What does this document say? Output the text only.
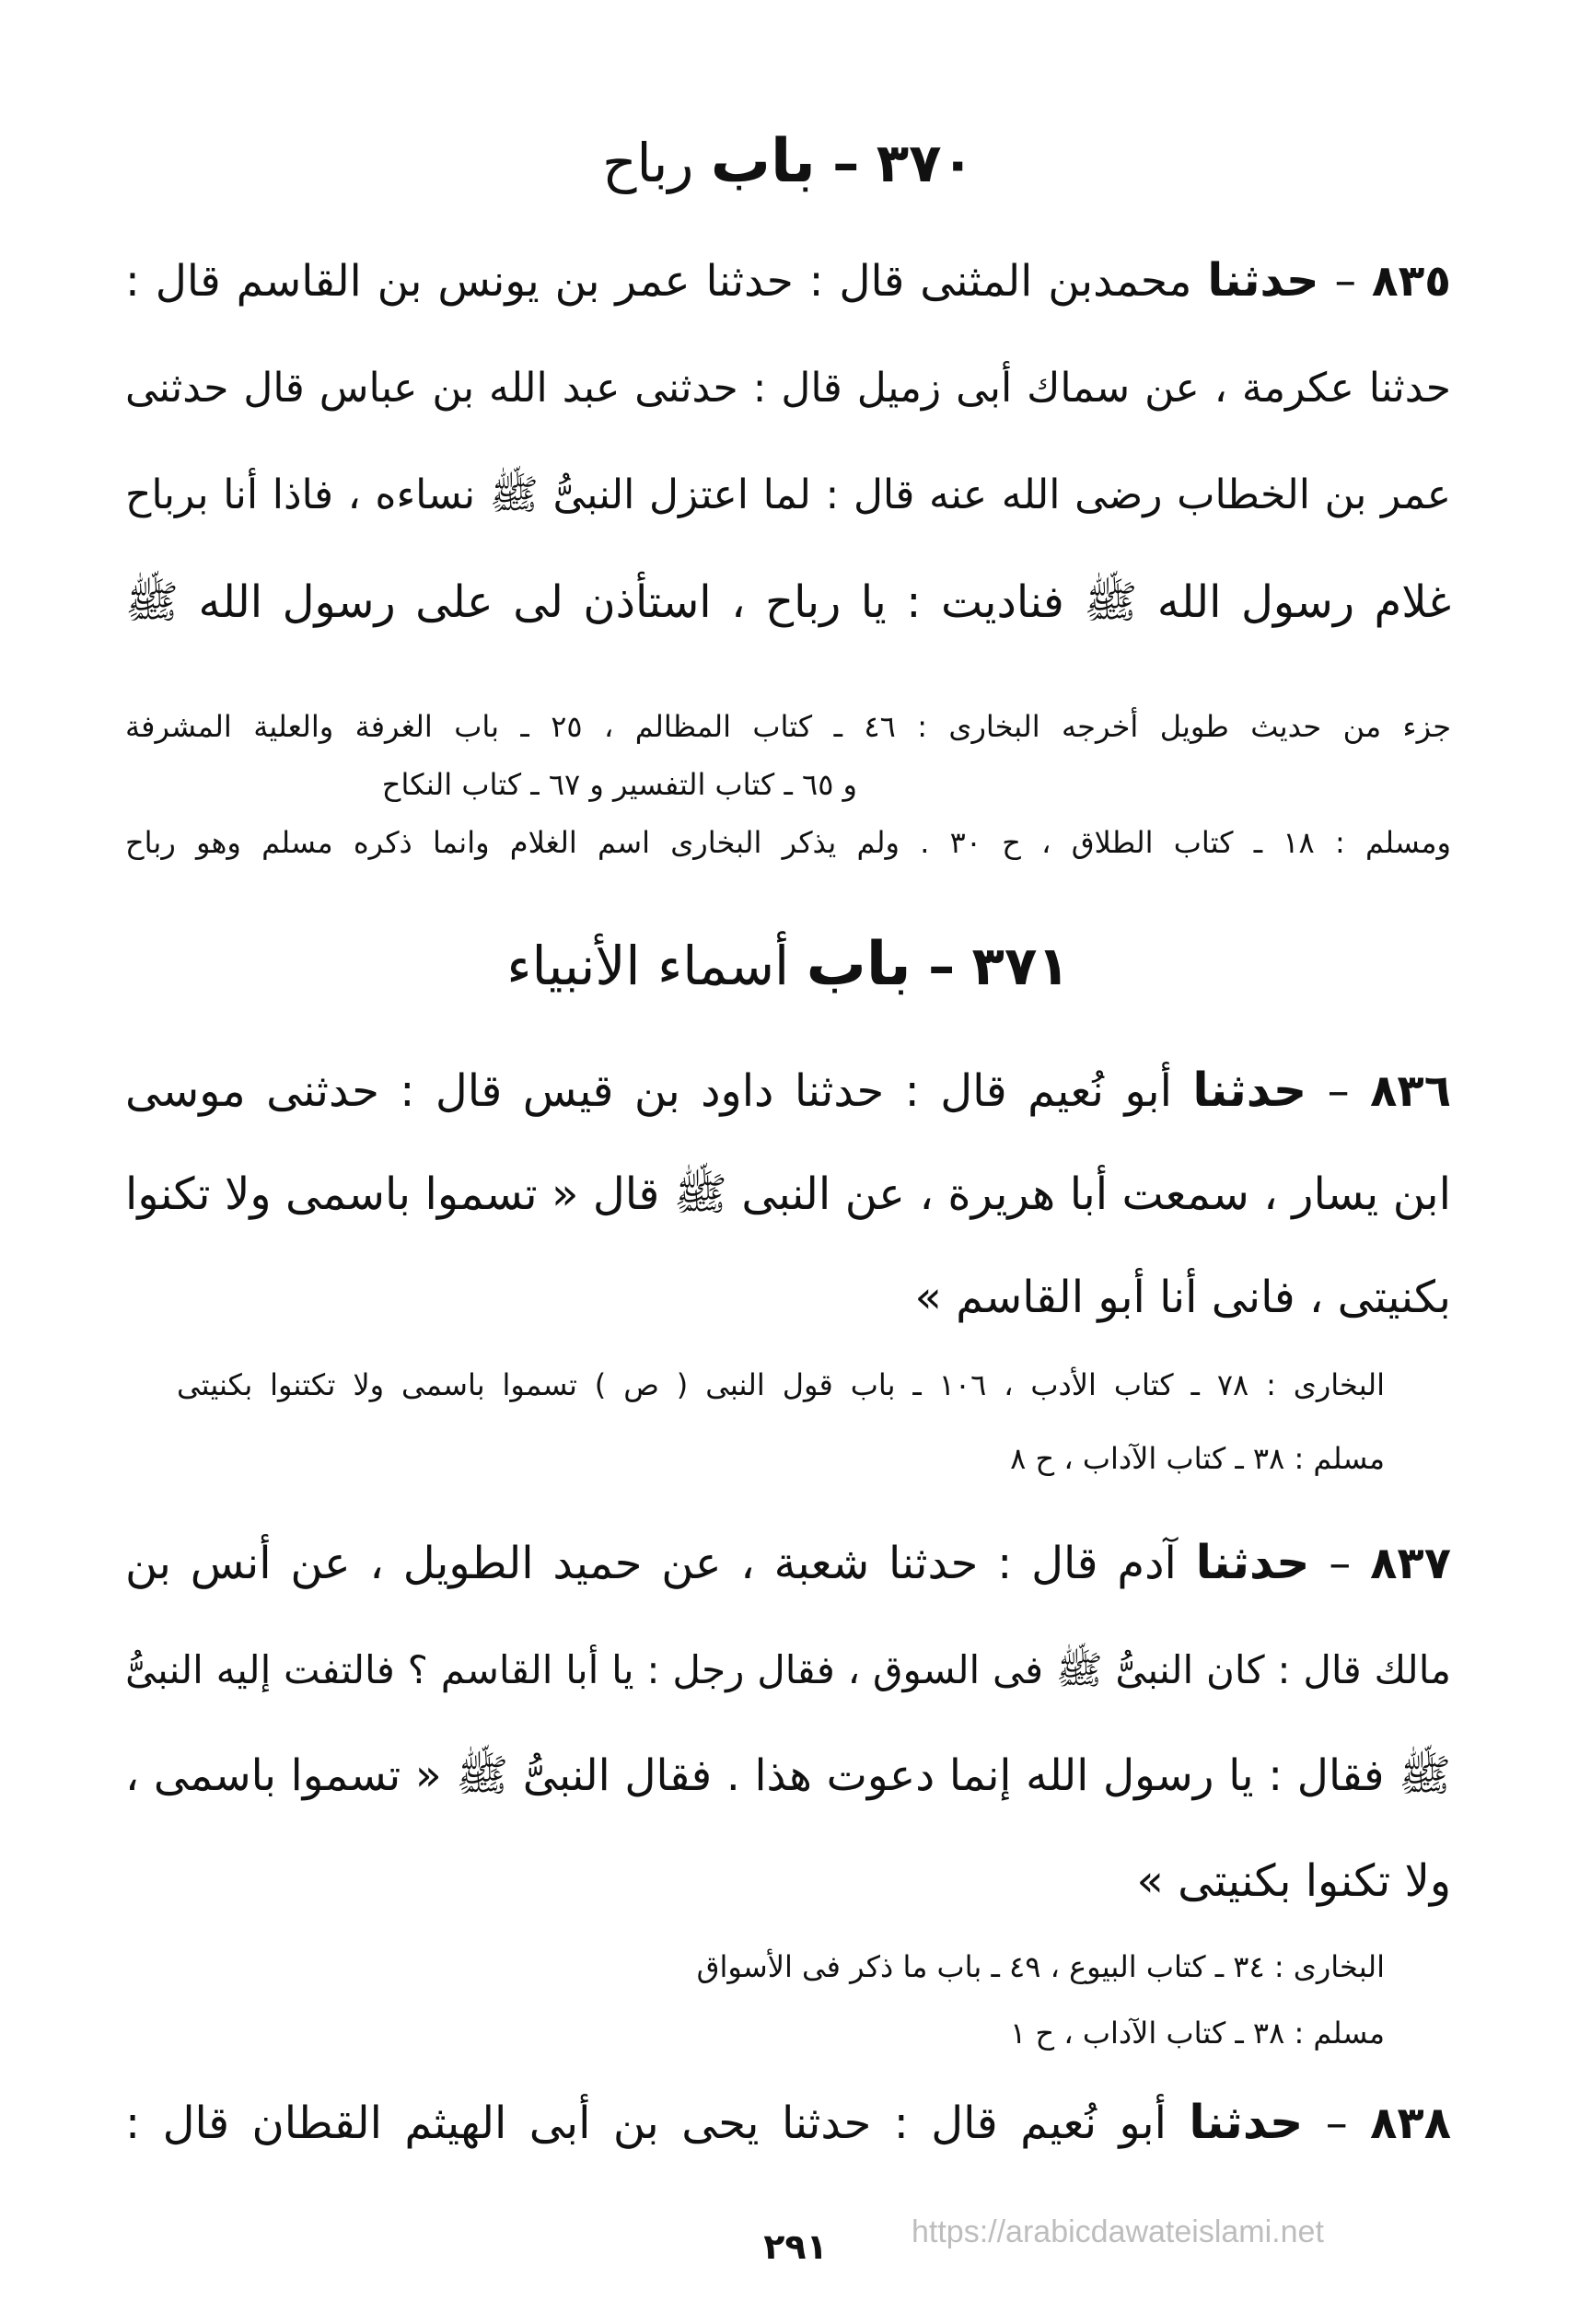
٣٧٠ – باب رباح
٨٣٥ – حدثنا محمدبن المثنى قال : حدثنا عمر بن يونس بن القاسم قال :
حدثنا عكرمة ، عن سماك أبى زميل قال : حدثنى عبد الله بن عباس قال حدثنى
عمر بن الخطاب رضى الله عنه قال : لما اعتزل النبىُّ ﷺ نساءه ، فاذا أنا برباح
غلام رسول الله ﷺ فناديت : يا رباح ، استأذن لى على رسول الله ﷺ
جزء من حديث طويل أخرجه البخارى : ٤٦ ـ كتاب المظالم ، ٢٥ ـ باب الغرفة والعلية المشرفة
و ٦٥ ـ كتاب التفسير و ٦٧ ـ كتاب النكاح
ومسلم : ١٨ ـ كتاب الطلاق ، ح ٣٠ . ولم يذكر البخارى اسم الغلام وانما ذكره مسلم وهو رباح
٣٧١ – باب أسماء الأنبياء
٨٣٦ – حدثنا أبو نُعيم قال : حدثنا داود بن قيس قال : حدثنى موسى
ابن يسار ، سمعت أبا هريرة ، عن النبى ﷺ قال « تسموا باسمى ولا تكنوا
بكنيتى ، فانى أنا أبو القاسم »
البخارى : ٧٨ ـ كتاب الأدب ، ١٠٦ ـ باب قول النبى ( ص ) تسموا باسمى ولا تكتنوا بكنيتى
مسلم : ٣٨ ـ كتاب الآداب ، ح ٨
٨٣٧ – حدثنا آدم قال : حدثنا شعبة ، عن حميد الطويل ، عن أنس بن
مالك قال : كان النبىُّ ﷺ فى السوق ، فقال رجل : يا أبا القاسم ؟ فالتفت إليه النبىُّ
ﷺ فقال : يا رسول الله إنما دعوت هذا . فقال النبىُّ ﷺ « تسموا باسمى ،
ولا تكنوا بكنيتى »
البخارى : ٣٤ ـ كتاب البيوع ، ٤٩ ـ باب ما ذكر فى الأسواق
مسلم : ٣٨ ـ كتاب الآداب ، ح ١
٨٣٨ – حدثنا أبو نُعيم قال : حدثنا يحى بن أبى الهيثم القطان قال :
٢٩١	https://arabicdawateislami.net
